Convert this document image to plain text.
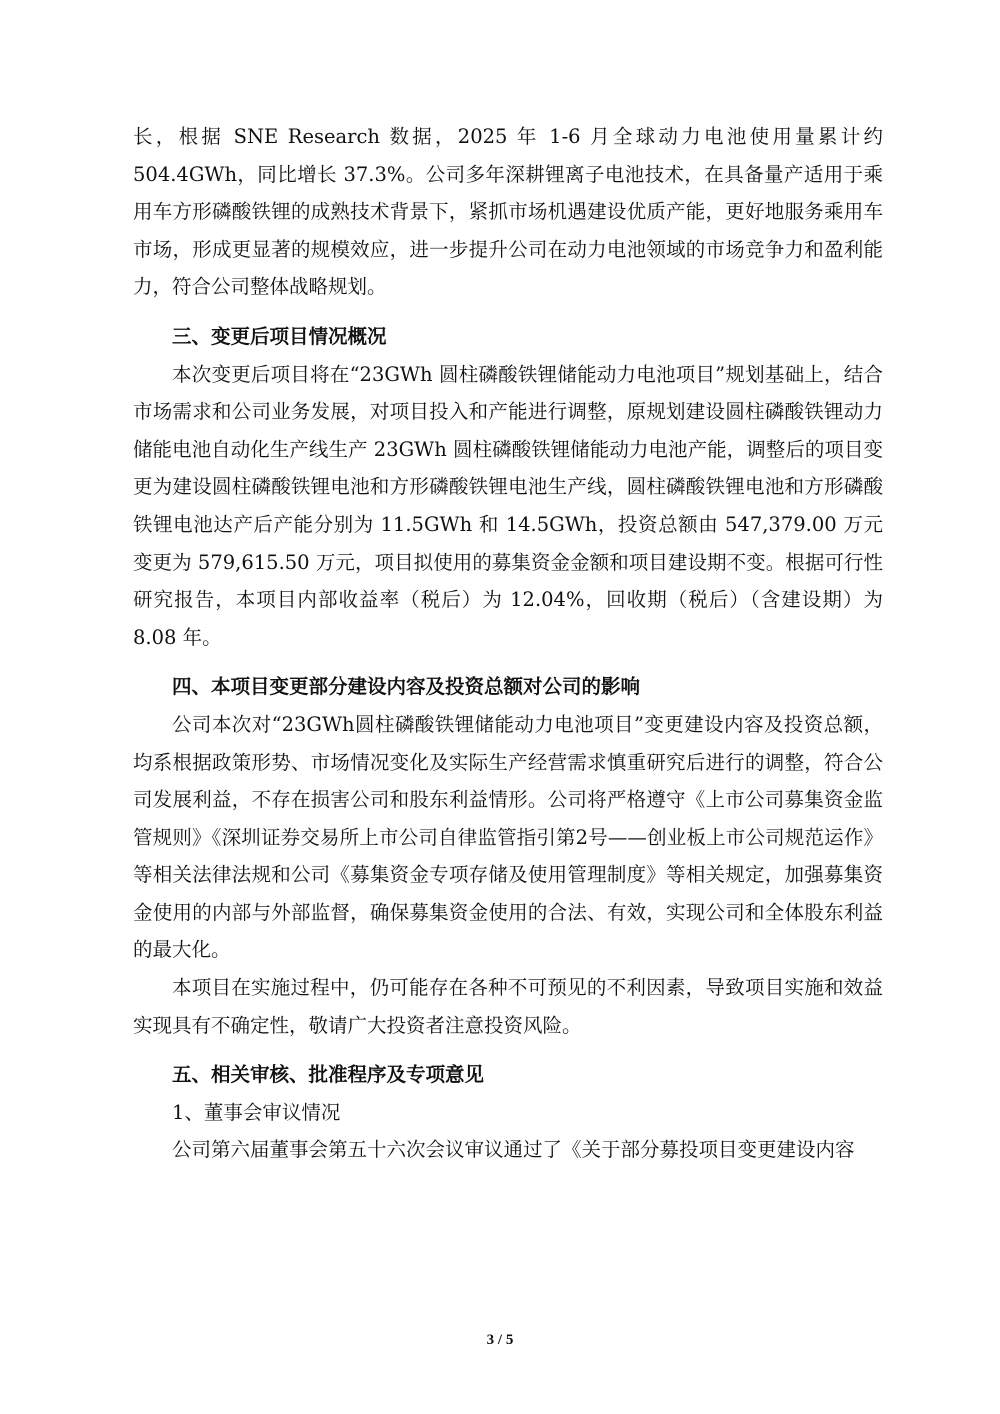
长，根据 SNE Research 数据，2025 年 1-6 月全球动力电池使用量累计约 504.4GWh，同比增长 37.3%。公司多年深耕锂离子电池技术，在具备量产适用于乘用车方形磷酸铁锂的成熟技术背景下，紧抓市场机遇建设优质产能，更好地服务乘用车市场，形成更显著的规模效应，进一步提升公司在动力电池领域的市场竞争力和盈利能力，符合公司整体战略规划。

三、变更后项目情况概况

本次变更后项目将在“23GWh 圆柱磷酸铁锂储能动力电池项目”规划基础上，结合市场需求和公司业务发展，对项目投入和产能进行调整，原规划建设圆柱磷酸铁锂动力储能电池自动化生产线生产 23GWh 圆柱磷酸铁锂储能动力电池产能，调整后的项目变更为建设圆柱磷酸铁锂电池和方形磷酸铁锂电池生产线，圆柱磷酸铁锂电池和方形磷酸铁锂电池达产后产能分别为 11.5GWh 和 14.5GWh，投资总额由 547,379.00 万元变更为 579,615.50 万元，项目拟使用的募集资金金额和项目建设期不变。根据可行性研究报告，本项目内部收益率（税后）为 12.04%，回收期（税后）（含建设期）为 8.08 年。

四、本项目变更部分建设内容及投资总额对公司的影响

公司本次对“23GWh圆柱磷酸铁锂储能动力电池项目”变更建设内容及投资总额，均系根据政策形势、市场情况变化及实际生产经营需求慎重研究后进行的调整，符合公司发展利益，不存在损害公司和股东利益情形。公司将严格遵守《上市公司募集资金监管规则》《深圳证券交易所上市公司自律监管指引第2号——创业板上市公司规范运作》等相关法律法规和公司《募集资金专项存储及使用管理制度》等相关规定，加强募集资金使用的内部与外部监督，确保募集资金使用的合法、有效，实现公司和全体股东利益的最大化。

本项目在实施过程中，仍可能存在各种不可预见的不利因素，导致项目实施和效益实现具有不确定性，敬请广大投资者注意投资风险。

五、相关审核、批准程序及专项意见

1、董事会审议情况

公司第六届董事会第五十六次会议审议通过了《关于部分募投项目变更建设内容

3 / 5
